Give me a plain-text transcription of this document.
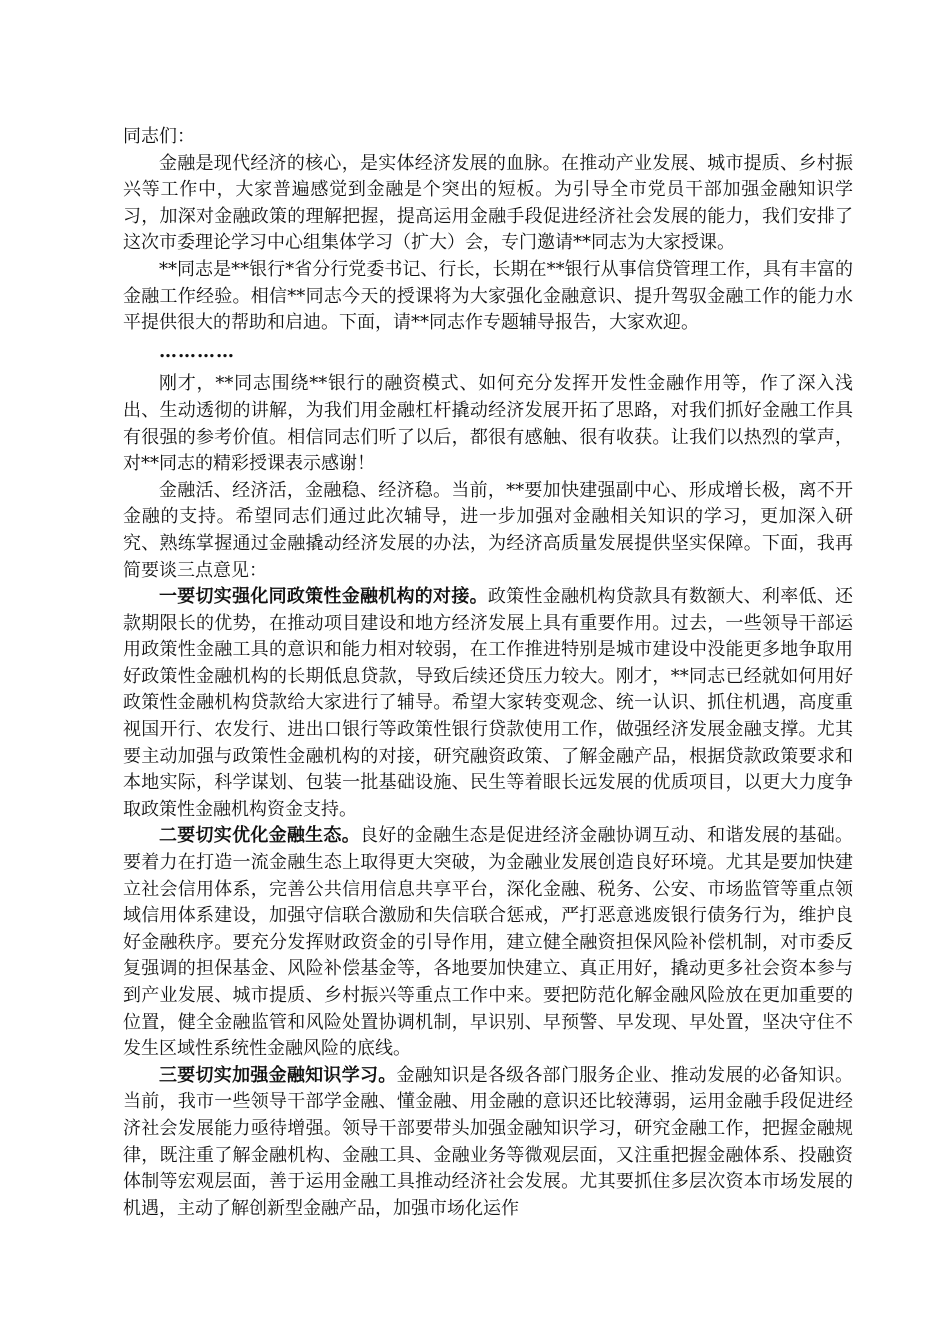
同志们：

金融是现代经济的核心，是实体经济发展的血脉。在推动产业发展、城市提质、乡村振兴等工作中，大家普遍感觉到金融是个突出的短板。为引导全市党员干部加强金融知识学习，加深对金融政策的理解把握，提高运用金融手段促进经济社会发展的能力，我们安排了这次市委理论学习中心组集体学习（扩大）会，专门邀请**同志为大家授课。

**同志是**银行*省分行党委书记、行长，长期在**银行从事信贷管理工作，具有丰富的金融工作经验。相信**同志今天的授课将为大家强化金融意识、提升驾驭金融工作的能力水平提供很大的帮助和启迪。下面，请**同志作专题辅导报告，大家欢迎。

…………

刚才，**同志围绕**银行的融资模式、如何充分发挥开发性金融作用等，作了深入浅出、生动透彻的讲解，为我们用金融杠杆撬动经济发展开拓了思路，对我们抓好金融工作具有很强的参考价值。相信同志们听了以后，都很有感触、很有收获。让我们以热烈的掌声，对**同志的精彩授课表示感谢！

金融活、经济活，金融稳、经济稳。当前，**要加快建强副中心、形成增长极，离不开金融的支持。希望同志们通过此次辅导，进一步加强对金融相关知识的学习，更加深入研究、熟练掌握通过金融撬动经济发展的办法，为经济高质量发展提供坚实保障。下面，我再简要谈三点意见：

一要切实强化同政策性金融机构的对接。政策性金融机构贷款具有数额大、利率低、还款期限长的优势，在推动项目建设和地方经济发展上具有重要作用。过去，一些领导干部运用政策性金融工具的意识和能力相对较弱，在工作推进特别是城市建设中没能更多地争取用好政策性金融机构的长期低息贷款，导致后续还贷压力较大。刚才，**同志已经就如何用好政策性金融机构贷款给大家进行了辅导。希望大家转变观念、统一认识、抓住机遇，高度重视国开行、农发行、进出口银行等政策性银行贷款使用工作，做强经济发展金融支撑。尤其要主动加强与政策性金融机构的对接，研究融资政策、了解金融产品，根据贷款政策要求和本地实际，科学谋划、包装一批基础设施、民生等着眼长远发展的优质项目，以更大力度争取政策性金融机构资金支持。

二要切实优化金融生态。良好的金融生态是促进经济金融协调互动、和谐发展的基础。要着力在打造一流金融生态上取得更大突破，为金融业发展创造良好环境。尤其是要加快建立社会信用体系，完善公共信用信息共享平台，深化金融、税务、公安、市场监管等重点领域信用体系建设，加强守信联合激励和失信联合惩戒，严打恶意逃废银行债务行为，维护良好金融秩序。要充分发挥财政资金的引导作用，建立健全融资担保风险补偿机制，对市委反复强调的担保基金、风险补偿基金等，各地要加快建立、真正用好，撬动更多社会资本参与到产业发展、城市提质、乡村振兴等重点工作中来。要把防范化解金融风险放在更加重要的位置，健全金融监管和风险处置协调机制，早识别、早预警、早发现、早处置，坚决守住不发生区域性系统性金融风险的底线。

三要切实加强金融知识学习。金融知识是各级各部门服务企业、推动发展的必备知识。当前，我市一些领导干部学金融、懂金融、用金融的意识还比较薄弱，运用金融手段促进经济社会发展能力亟待增强。领导干部要带头加强金融知识学习，研究金融工作，把握金融规律，既注重了解金融机构、金融工具、金融业务等微观层面，又注重把握金融体系、投融资体制等宏观层面，善于运用金融工具推动经济社会发展。尤其要抓住多层次资本市场发展的机遇，主动了解创新型金融产品，加强市场化运作
